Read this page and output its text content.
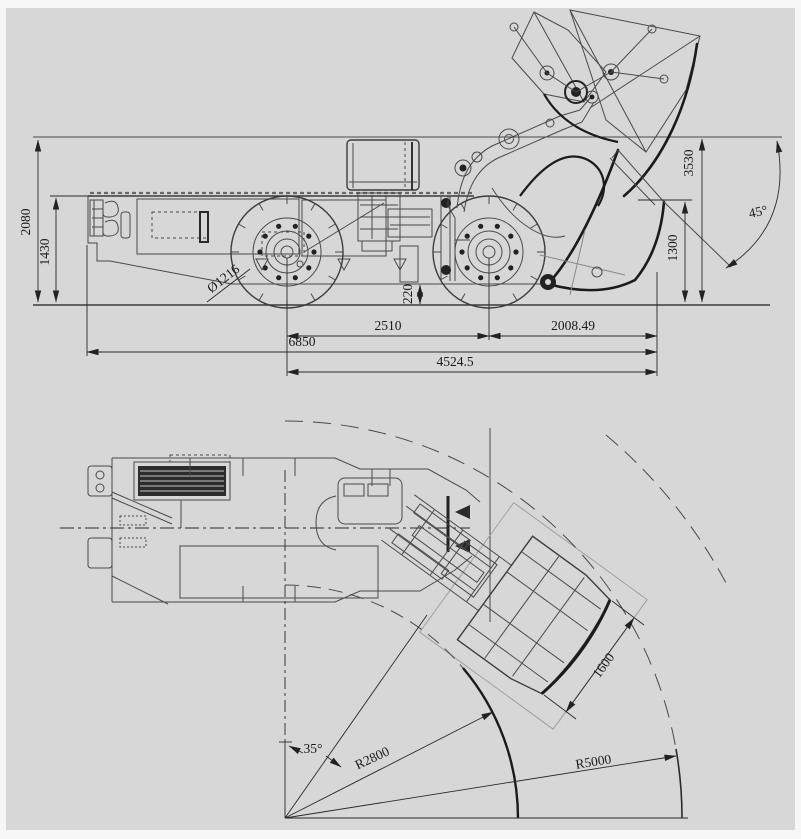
2080
1430
3530
1300
45°
Ø1216	220
2510	2008.49
6850
4524.5
35° R2800	R5000
1600
